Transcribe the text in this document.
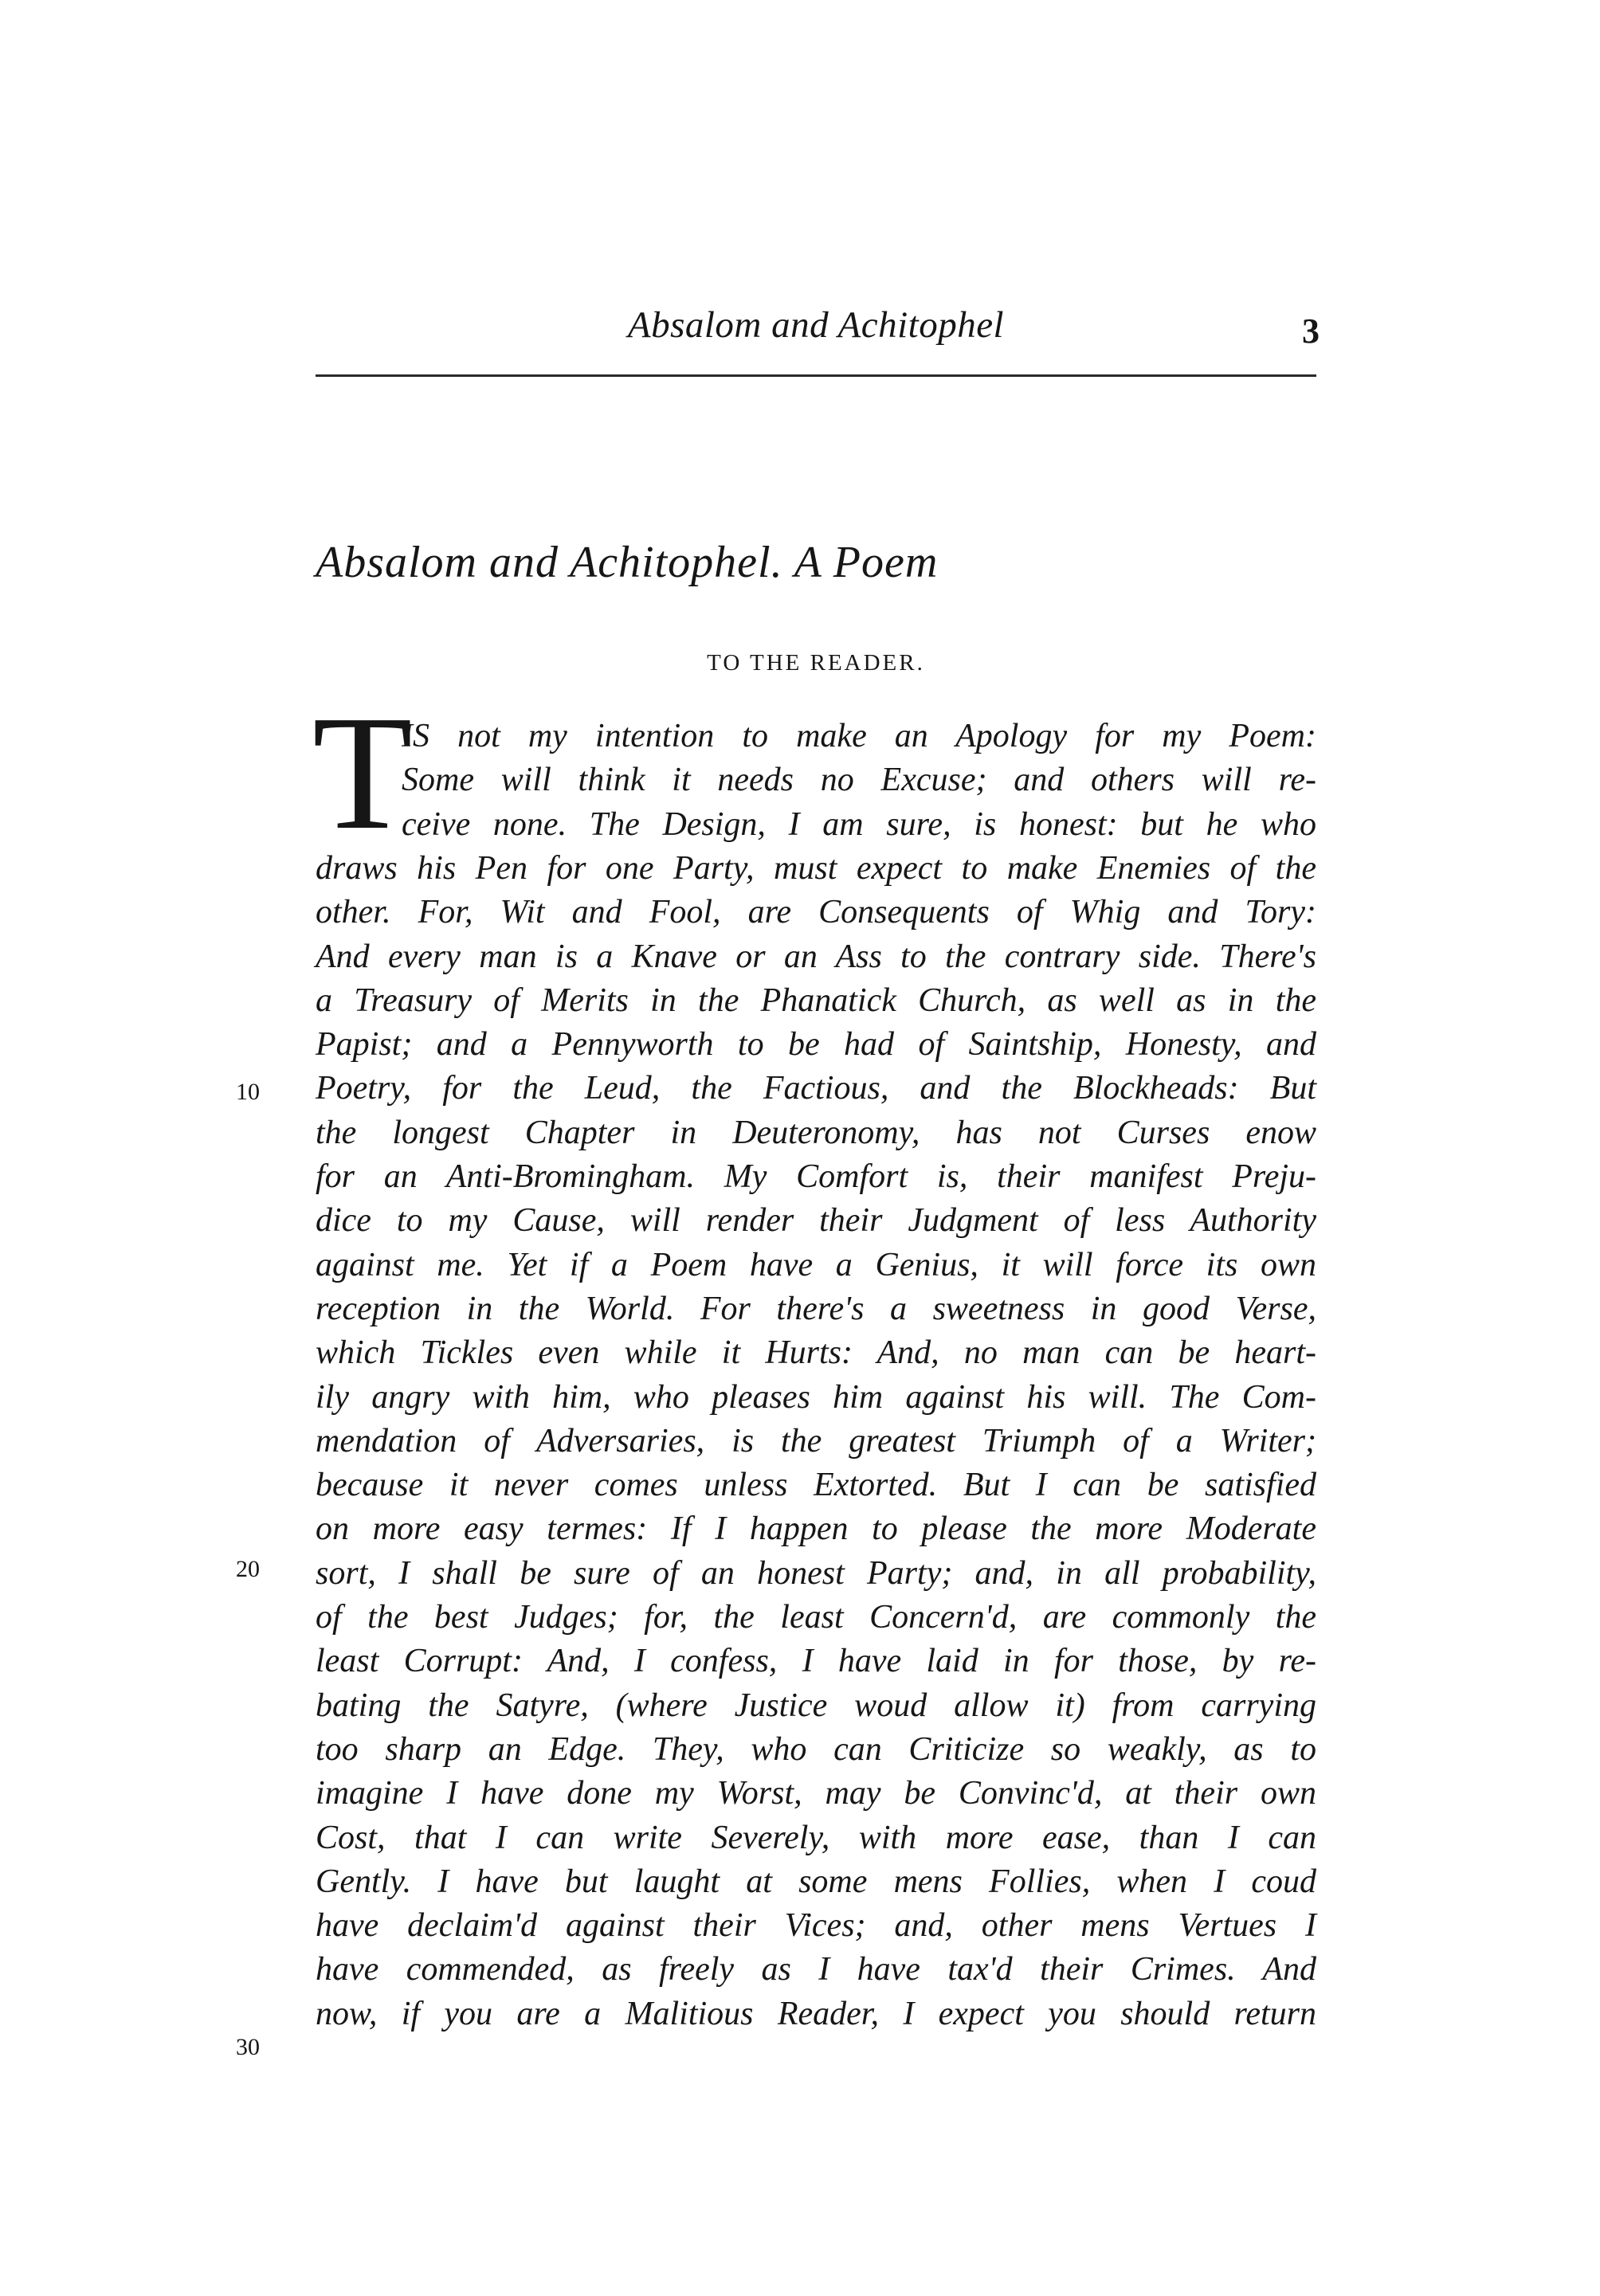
Absalom and Achitophel	3
Absalom and Achitophel. A Poem
TO THE READER.
T
IS not my intention to make an Apology for my Poem:
Some will think it needs no Excuse; and others will re-
ceive none. The Design, I am sure, is honest: but he who
draws his Pen for one Party, must expect to make Enemies of the
other. For, Wit and Fool, are Consequents of Whig and Tory:
And every man is a Knave or an Ass to the contrary side. There's
a Treasury of Merits in the Phanatick Church, as well as in the
Papist; and a Pennyworth to be had of Saintship, Honesty, and
Poetry, for the Leud, the Factious, and the Blockheads: But
the longest Chapter in Deuteronomy, has not Curses enow
for an Anti-Bromingham. My Comfort is, their manifest Preju-
dice to my Cause, will render their Judgment of less Authority
against me. Yet if a Poem have a Genius, it will force its own
reception in the World. For there's a sweetness in good Verse,
which Tickles even while it Hurts: And, no man can be heart-
ily angry with him, who pleases him against his will. The Com-
mendation of Adversaries, is the greatest Triumph of a Writer;
because it never comes unless Extorted. But I can be satisfied
on more easy termes: If I happen to please the more Moderate
sort, I shall be sure of an honest Party; and, in all probability,
of the best Judges; for, the least Concern'd, are commonly the
least Corrupt: And, I confess, I have laid in for those, by re-
bating the Satyre, (where Justice woud allow it) from carrying
too sharp an Edge. They, who can Criticize so weakly, as to
imagine I have done my Worst, may be Convinc'd, at their own
Cost, that I can write Severely, with more ease, than I can
Gently. I have but laught at some mens Follies, when I coud
have declaim'd against their Vices; and, other mens Vertues I
have commended, as freely as I have tax'd their Crimes. And
now, if you are a Malitious Reader, I expect you should return
10
20
30
